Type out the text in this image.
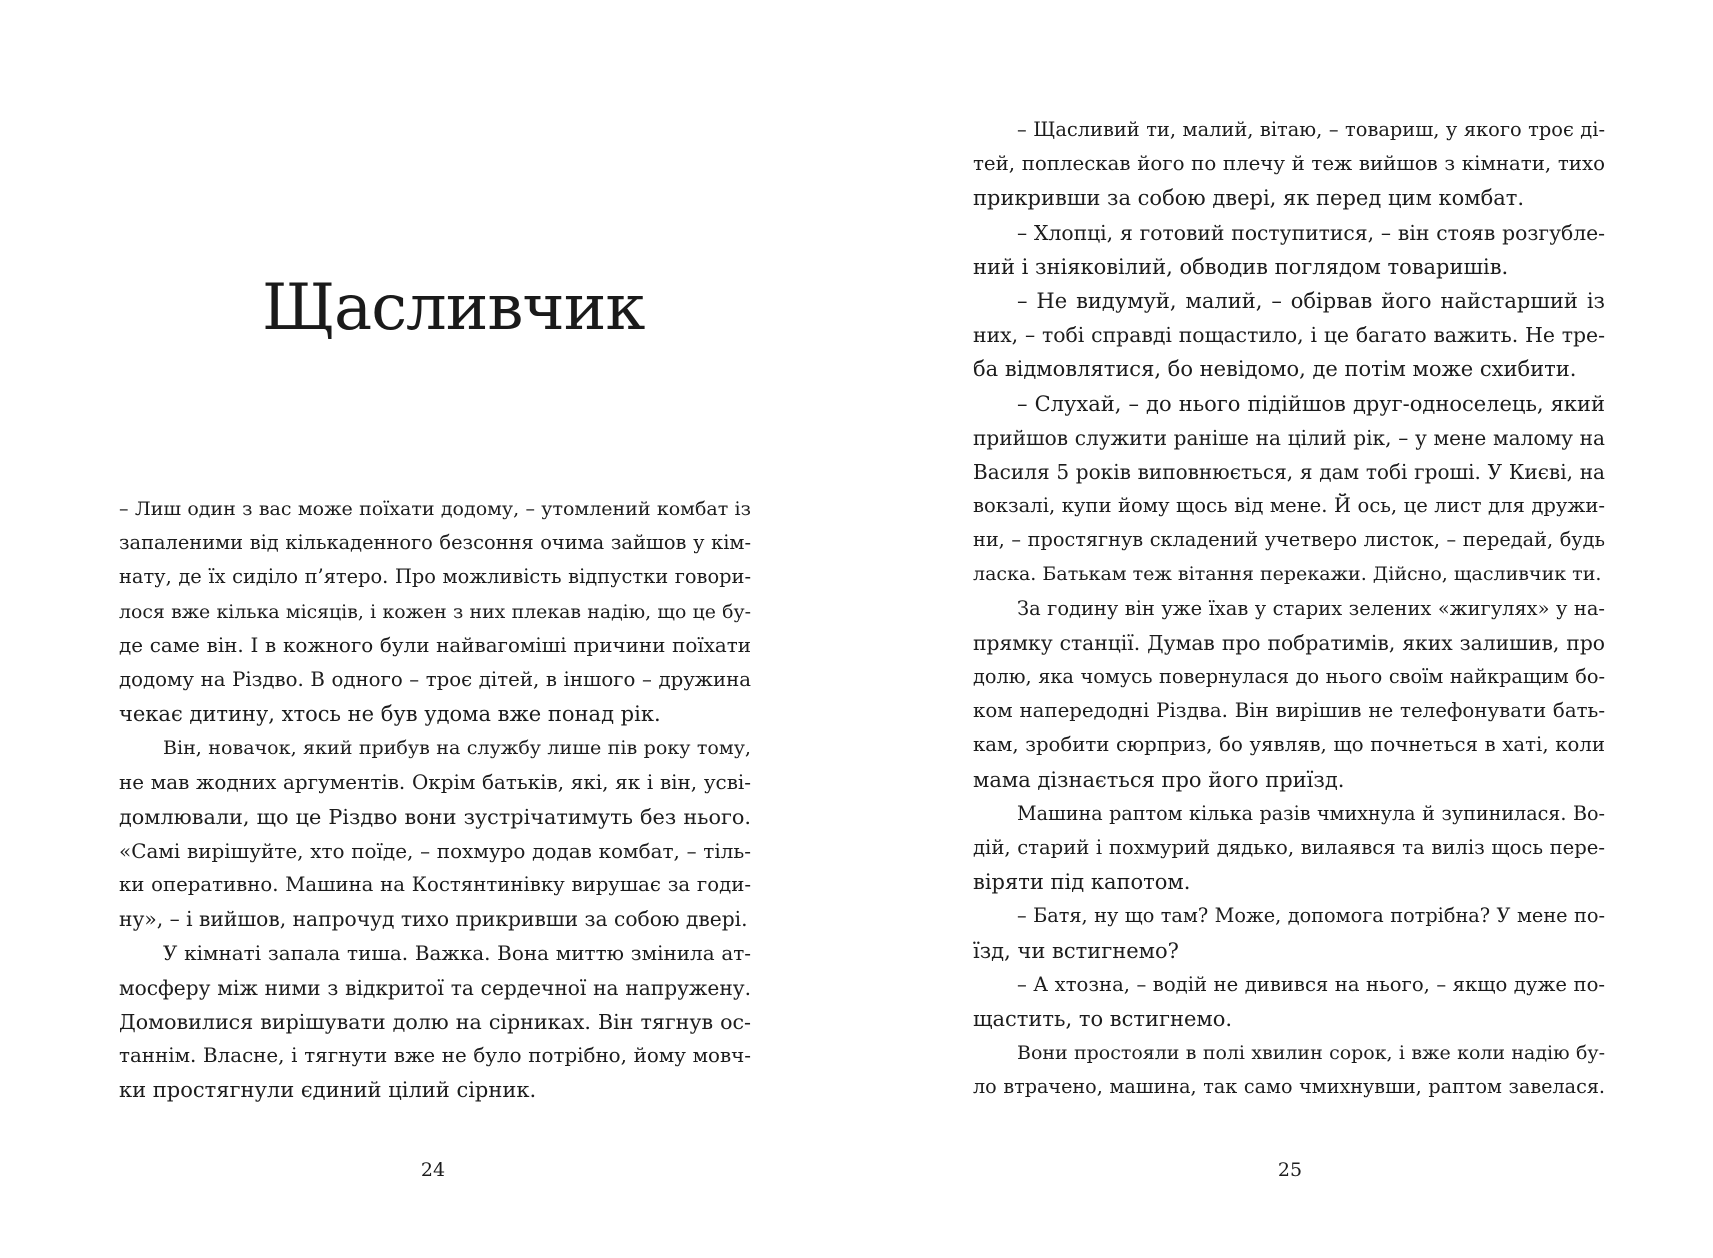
Щасливчик
– Лиш один з вас може поїхати додому, – утомлений комбат із
запаленими від кількаденного безсоння очима зайшов у кім-
нату, де їх сиділо п’ятеро. Про можливість відпустки говори-
лося вже кілька місяців, і кожен з них плекав надію, що це бу-
де саме він. І в кожного були найвагоміші причини поїхати
додому на Різдво. В одного – троє дітей, в іншого – дружина
чекає дитину, хтось не був удома вже понад рік.
Він, новачок, який прибув на службу лише пів року тому,
не мав жодних аргументів. Окрім батьків, які, як і він, усві-
домлювали, що це Різдво вони зустрічатимуть без нього.
«Самі вирішуйте, хто поїде, – похмуро додав комбат, – тіль-
ки оперативно. Машина на Костянтинівку вирушає за годи-
ну», – і вийшов, напрочуд тихо прикривши за собою двері.
У кімнаті запала тиша. Важка. Вона миттю змінила ат-
мосферу між ними з відкритої та сердечної на напружену.
Домовилися вирішувати долю на сірниках. Він тягнув ос-
таннім. Власне, і тягнути вже не було потрібно, йому мовч-
ки простягнули єдиний цілий сірник.
24
– Щасливий ти, малий, вітаю, – товариш, у якого троє ді-
тей, поплескав його по плечу й теж вийшов з кімнати, тихо
прикривши за собою двері, як перед цим комбат.
– Хлопці, я готовий поступитися, – він стояв розгублe-
ний і зніяковілий, обводив поглядом товаришів.
– Не видумуй, малий, – обірвав його найстарший із
них, – тобі справді пощастило, і це багато важить. Не тре-
ба відмовлятися, бо невідомо, де потім може схибити.
– Слухай, – до нього підійшов друг-односелець, який
прийшов служити раніше на цілий рік, – у мене малому на
Василя 5 років виповнюється, я дам тобі гроші. У Києві, на
вокзалі, купи йому щось від мене. Й ось, це лист для дружи-
ни, – простягнув складений учетверо листок, – передай, будь
ласка. Батькам теж вітання перекажи. Дійсно, щасливчик ти.
За годину він уже їхав у старих зелених «жигулях» у на-
прямку станції. Думав про побратимів, яких залишив, про
долю, яка чомусь повернулася до нього своїм найкращим бо-
ком напередодні Різдва. Він вирішив не телефонувати бать-
кам, зробити сюрприз, бо уявляв, що почнеться в хаті, коли
мама дізнається про його приїзд.
Машина раптом кілька разів чмихнула й зупинилася. Во-
дій, старий і похмурий дядько, вилаявся та виліз щось пере-
віряти під капотом.
– Батя, ну що там? Може, допомога потрібна? У мене по-
їзд, чи встигнемо?
– А хтозна, – водій не дивився на нього, – якщо дуже по-
щастить, то встигнемо.
Вони простояли в полі хвилин сорок, і вже коли надію бу-
ло втрачено, машина, так само чмихнувши, раптом завелася.
25
